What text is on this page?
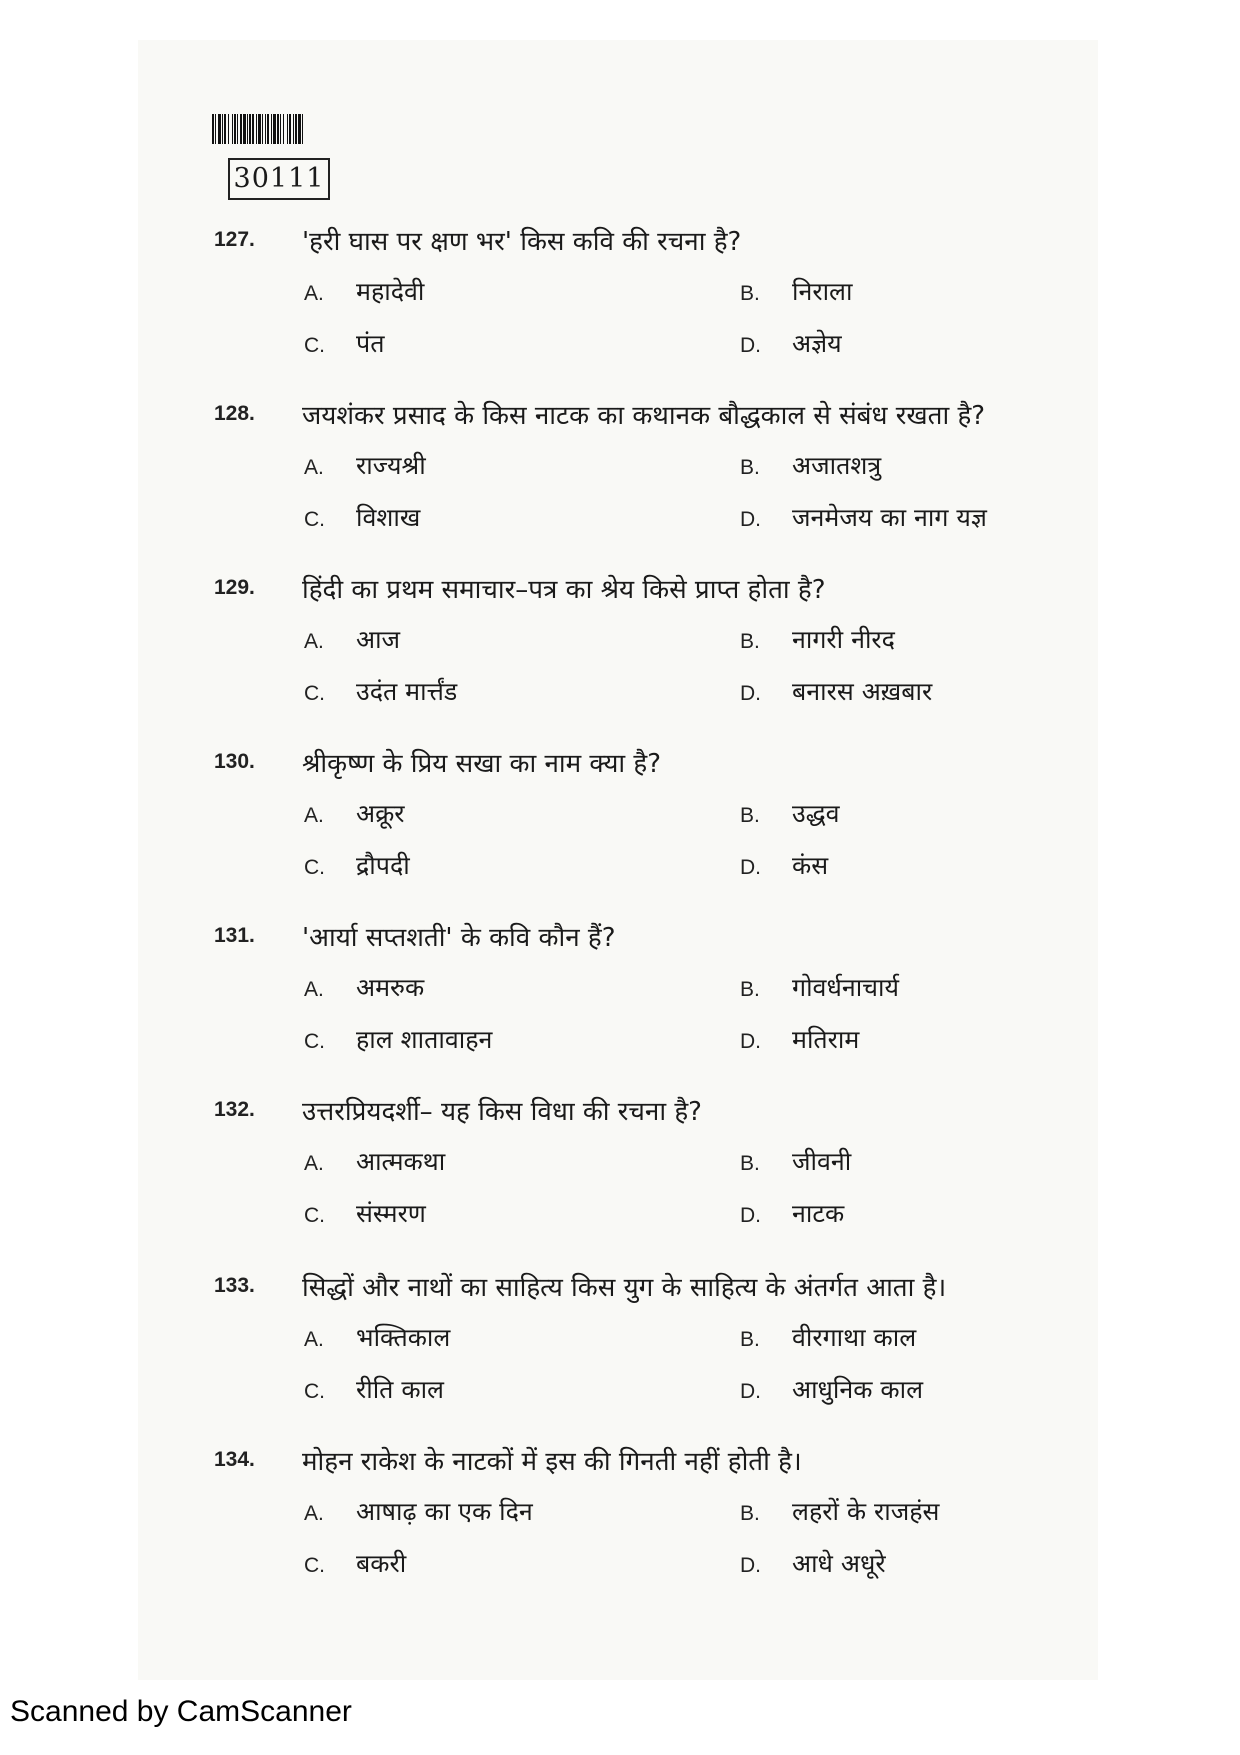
30111
127. 'हरी घास पर क्षण भर' किस कवि की रचना है?
A. महादेवी	B. निराला
C. पंत	D. अज्ञेय
128. जयशंकर प्रसाद के किस नाटक का कथानक बौद्धकाल से संबंध रखता है?
A. राज्यश्री	B. अजातशत्रु
C. विशाख	D. जनमेजय का नाग यज्ञ
129. हिंदी का प्रथम समाचार–पत्र का श्रेय किसे प्राप्त होता है?
A. आज	B. नागरी नीरद
C. उदंत मार्त्तंड	D. बनारस अख़बार
130. श्रीकृष्ण के प्रिय सखा का नाम क्या है?
A. अक्रूर	B. उद्धव
C. द्रौपदी	D. कंस
131. 'आर्या सप्तशती' के कवि कौन हैं?
A. अमरुक	B. गोवर्धनाचार्य
C. हाल शातावाहन	D. मतिराम
132. उत्तरप्रियदर्शी– यह किस विधा की रचना है?
A. आत्मकथा	B. जीवनी
C. संस्मरण	D. नाटक
133. सिद्धों और नाथों का साहित्य किस युग के साहित्य के अंतर्गत आता है।
A. भक्तिकाल	B. वीरगाथा काल
C. रीति काल	D. आधुनिक काल
134. मोहन राकेश के नाटकों में इस की गिनती नहीं होती है।
A. आषाढ़ का एक दिन	B. लहरों के राजहंस
C. बकरी	D. आधे अधूरे
Scanned by CamScanner
